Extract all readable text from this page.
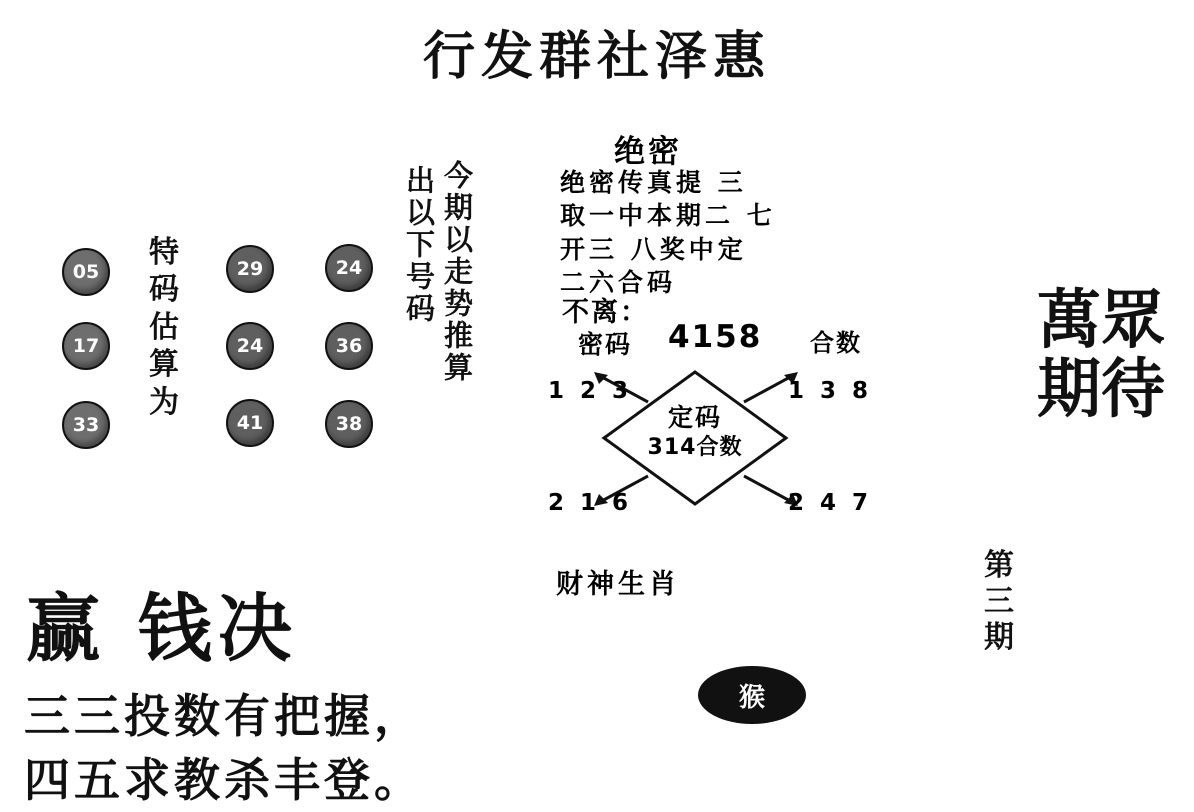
行发群社泽惠
05
17
33
特
码
估
算
为
29
24
41
24
36
38
今期以走势推算
出以下号码
绝密
绝密传真提 三
取一中本期二 七
开三 八奖中定
二六合码
不离：
密码 4158 合数
定码
314合数
1 2 3	1 3 8
2 1 6	2 4 7
财神生肖
猴
萬眾期待
第三期
赢 钱决
三三投数有把握，
四五求教杀丰登。
